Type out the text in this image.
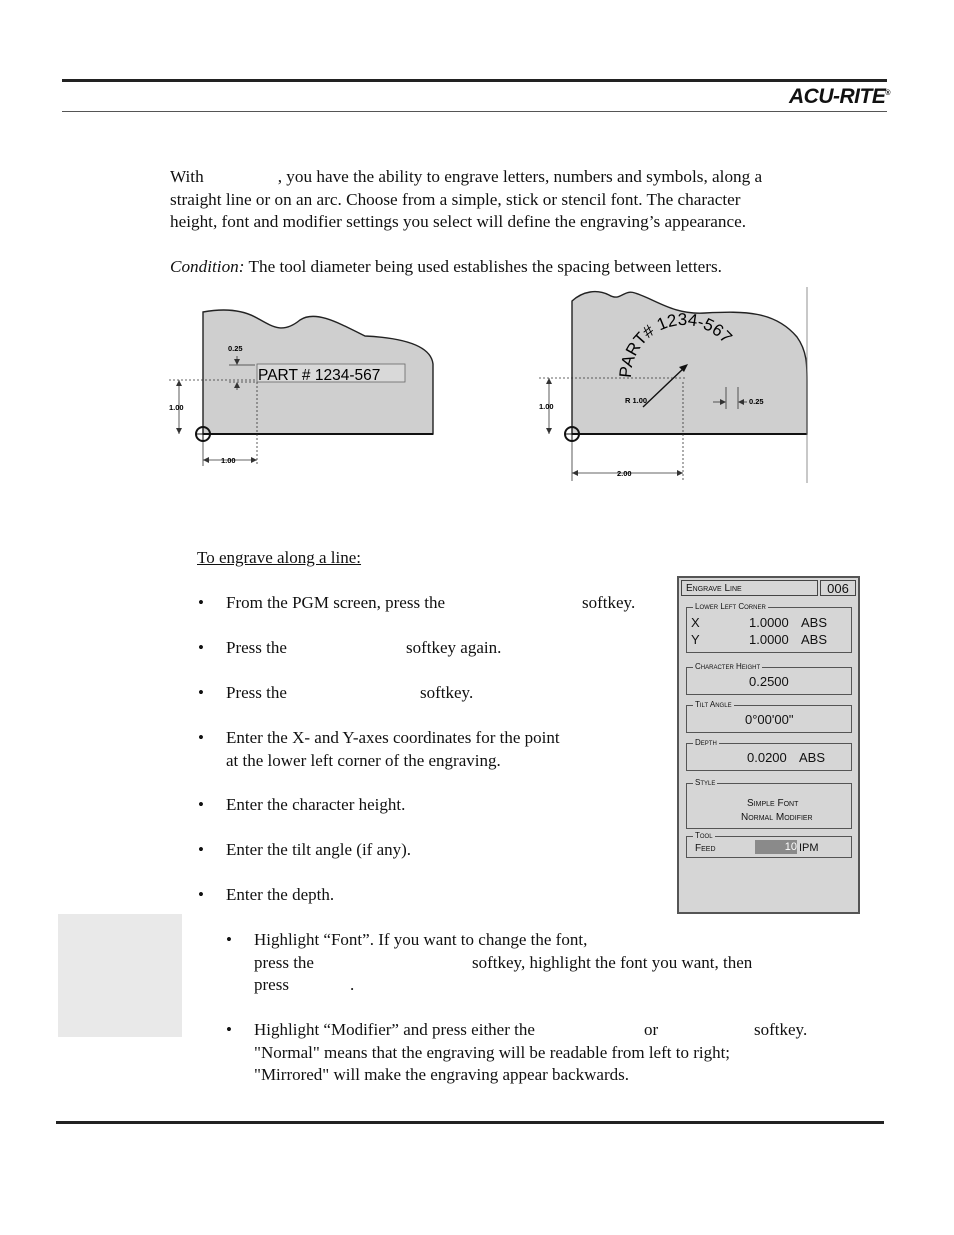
ACU-RITE®
With	, you have the ability to engrave letters, numbers and symbols, along a
straight line or on an arc. Choose from a simple, stick or stencil font. The character
height, font and modifier settings you select will define the engraving’s appearance.
Condition: The tool diameter being used establishes the spacing between letters.
PART # 1234-567
0.25
1.00
1.00
PART# 1234-567
R 1.00
1.00
0.25
2.00
To engrave along a line:
• From the PGM screen, press the	softkey.
• Press the	softkey again.
• Press the	softkey.
• Enter the X- and Y-axes coordinates for the point
at the lower left corner of the engraving.
• Enter the character height.
• Enter the tilt angle (if any).
• Enter the depth.
• Highlight “Font”. If you want to change the font,
press the	softkey, highlight the font you want, then
press	.
• Highlight “Modifier” and press either the	or	softkey.
"Normal" means that the engraving will be readable from left to right;
"Mirrored" will make the engraving appear backwards.
Engrave Line	006
Lower Left Corner
X	1.0000 ABS
Y	1.0000 ABS
Character Height
0.2500
Tilt Angle
0°00'00"
Depth
0.0200 ABS
Style
Simple Font
Normal Modifier
Tool
Feed	10 IPM
